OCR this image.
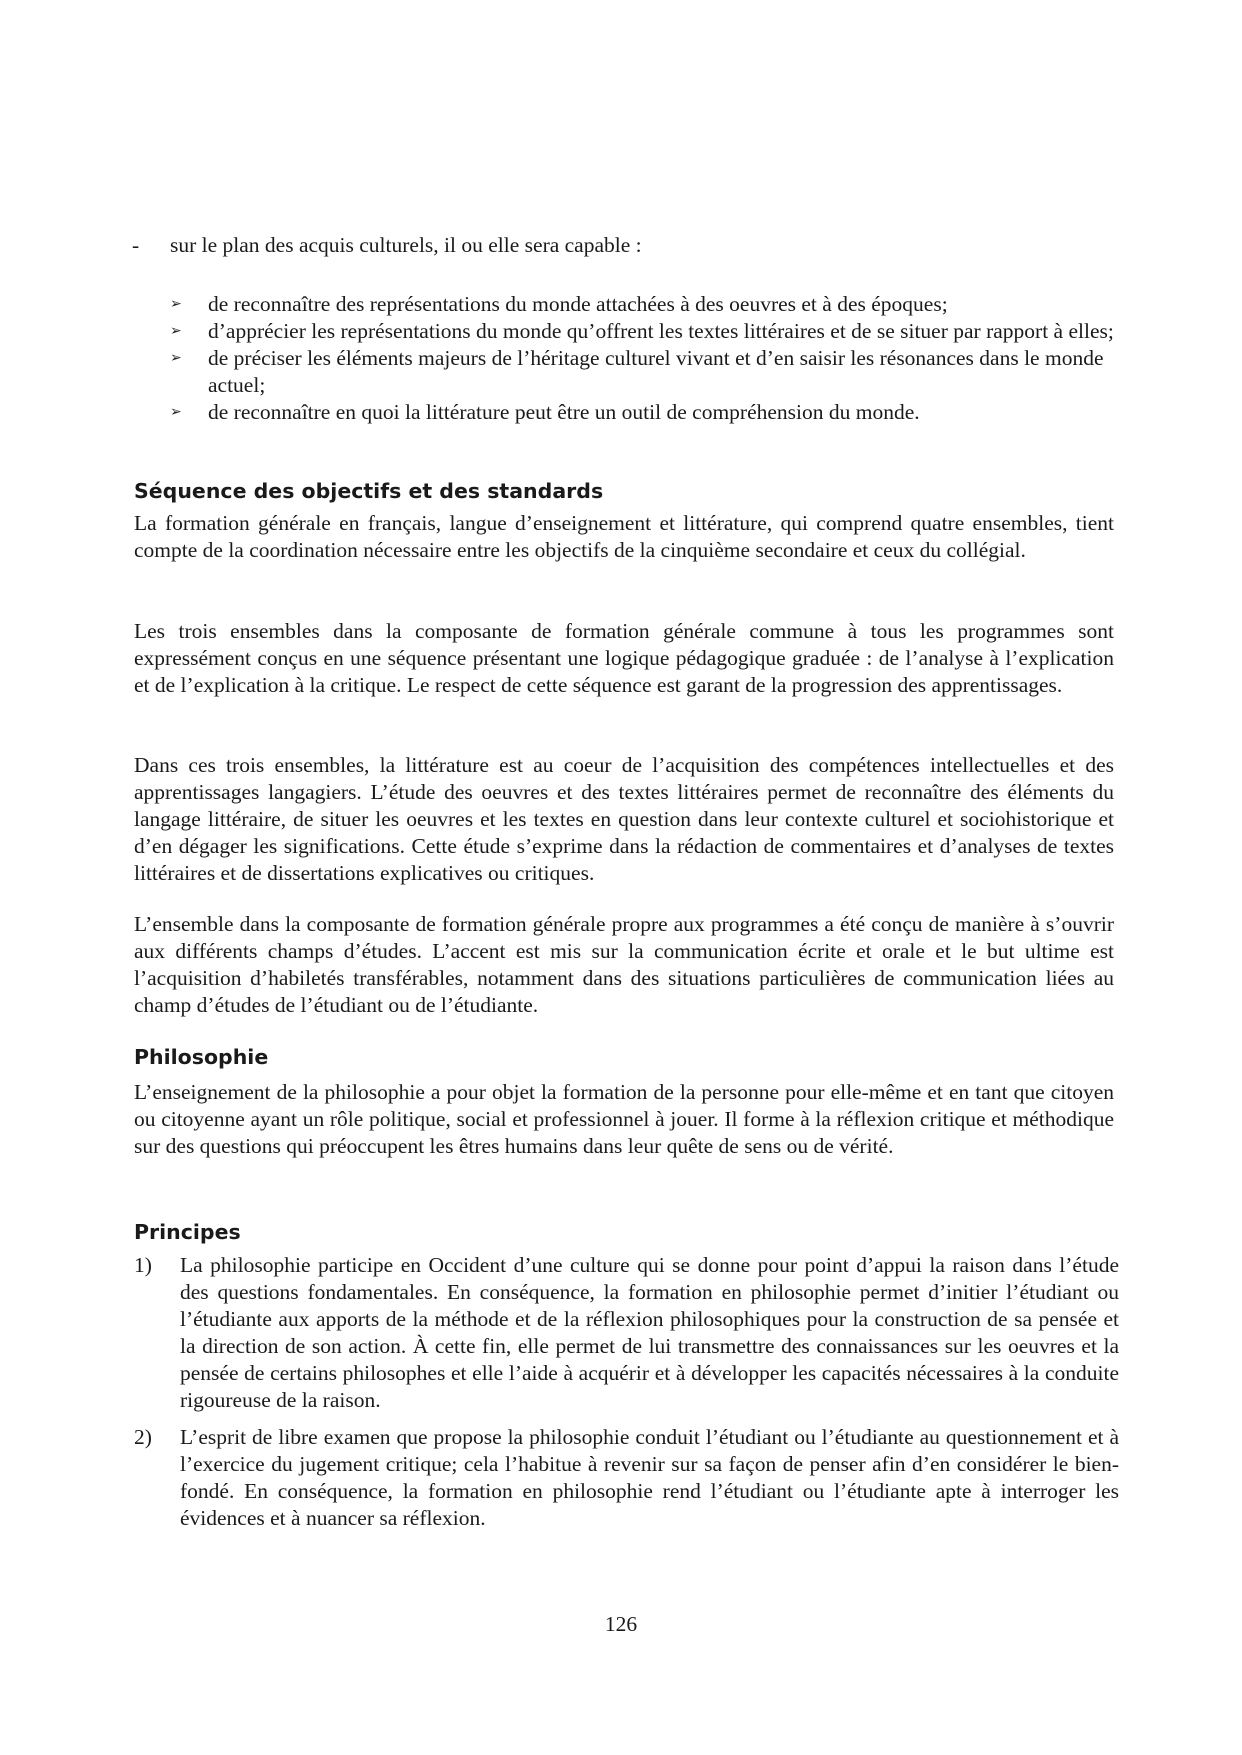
- sur le plan des acquis culturels, il ou elle sera capable :
➢ de reconnaître des représentations du monde attachées à des oeuvres et à des époques;
➢ d’apprécier les représentations du monde qu’offrent les textes littéraires et de se situer par rapport à elles;
➢ de préciser les éléments majeurs de l’héritage culturel vivant et d’en saisir les résonances dans le monde actuel;
➢ de reconnaître en quoi la littérature peut être un outil de compréhension du monde.
Séquence des objectifs et des standards

La formation générale en français, langue d’enseignement et littérature, qui comprend quatre ensembles, tient compte de la coordination nécessaire entre les objectifs de la cinquième secondaire et ceux du collégial.

Les trois ensembles dans la composante de formation générale commune à tous les programmes sont expressément conçus en une séquence présentant une logique pédagogique graduée : de l’analyse à l’explication et de l’explication à la critique. Le respect de cette séquence est garant de la progression des apprentissages.

Dans ces trois ensembles, la littérature est au coeur de l’acquisition des compétences intellectuelles et des apprentissages langagiers. L’étude des oeuvres et des textes littéraires permet de reconnaître des éléments du langage littéraire, de situer les oeuvres et les textes en question dans leur contexte culturel et sociohistorique et d’en dégager les significations. Cette étude s’exprime dans la rédaction de commentaires et d’analyses de textes littéraires et de dissertations explicatives ou critiques.

L’ensemble dans la composante de formation générale propre aux programmes a été conçu de manière à s’ouvrir aux différents champs d’études. L’accent est mis sur la communication écrite et orale et le but ultime est l’acquisition d’habiletés transférables, notamment dans des situations particulières de communication liées au champ d’études de l’étudiant ou de l’étudiante.

Philosophie

L’enseignement de la philosophie a pour objet la formation de la personne pour elle-même et en tant que citoyen ou citoyenne ayant un rôle politique, social et professionnel à jouer. Il forme à la réflexion critique et méthodique sur des questions qui préoccupent les êtres humains dans leur quête de sens ou de vérité.

Principes
1) La philosophie participe en Occident d’une culture qui se donne pour point d’appui la raison dans l’étude des questions fondamentales. En conséquence, la formation en philosophie permet d’initier l’étudiant ou l’étudiante aux apports de la méthode et de la réflexion philosophiques pour la construction de sa pensée et la direction de son action. À cette fin, elle permet de lui transmettre des connaissances sur les oeuvres et la pensée de certains philosophes et elle l’aide à acquérir et à développer les capacités nécessaires à la conduite rigoureuse de la raison.
2) L’esprit de libre examen que propose la philosophie conduit l’étudiant ou l’étudiante au questionnement et à l’exercice du jugement critique; cela l’habitue à revenir sur sa façon de penser afin d’en considérer le bien-fondé. En conséquence, la formation en philosophie rend l’étudiant ou l’étudiante apte à interroger les évidences et à nuancer sa réflexion.
126
